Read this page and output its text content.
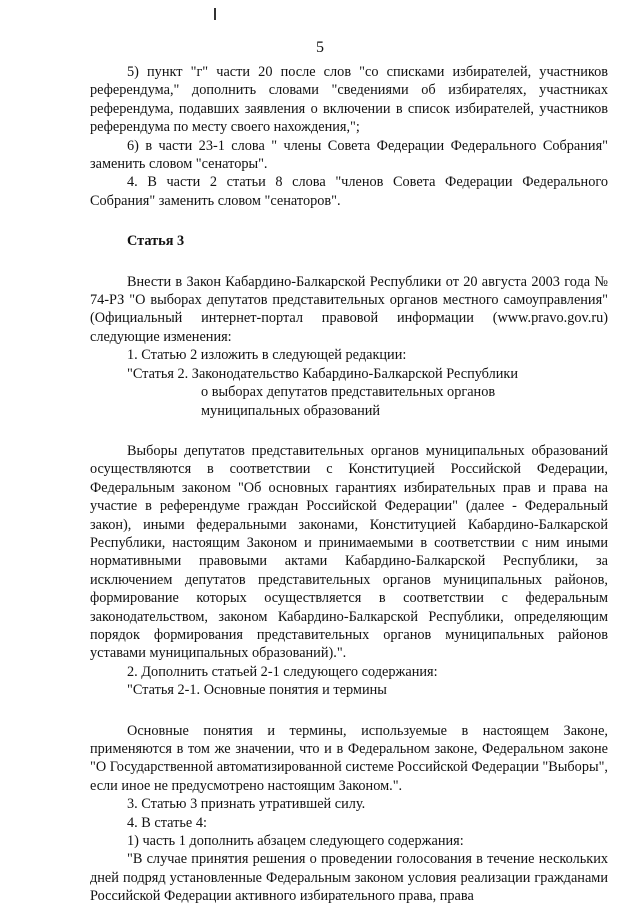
5

5) пункт "г" части 20 после слов "со списками избирателей, участников референдума," дополнить словами "сведениями об избирателях, участниках референдума, подавших заявления о включении в список избирателей, участников референдума по месту своего нахождения,";

6) в части 23-1 слова " члены Совета Федерации Федерального Собрания" заменить словом "сенаторы".

4. В части 2 статьи 8 слова "членов Совета Федерации Федерального Собрания" заменить словом "сенаторов".

Статья 3

Внести в Закон Кабардино-Балкарской Республики от 20 августа 2003 года № 74-РЗ "О выборах депутатов представительных органов местного самоуправления" (Официальный интернет-портал правовой информации (www.pravo.gov.ru) следующие изменения:

1. Статью 2 изложить в следующей редакции:

"Статья 2. Законодательство Кабардино-Балкарской Республики

о выборах депутатов представительных органов

муниципальных образований

Выборы депутатов представительных органов муниципальных образований осуществляются в соответствии с Конституцией Российской Федерации, Федеральным законом "Об основных гарантиях избирательных прав и права на участие в референдуме граждан Российской Федерации" (далее - Федеральный закон), иными федеральными законами, Конституцией Кабардино-Балкарской Республики, настоящим Законом и принимаемыми в соответствии с ним иными нормативными правовыми актами Кабардино-Балкарской Республики, за исключением депутатов представительных органов муниципальных районов, формирование которых осуществляется в соответствии с федеральным законодательством, законом Кабардино-Балкарской Республики, определяющим порядок формирования представительных органов муниципальных районов уставами муниципальных образований).".

2. Дополнить статьей 2-1 следующего содержания:

"Статья 2-1. Основные понятия и термины

Основные понятия и термины, используемые в настоящем Законе, применяются в том же значении, что и в Федеральном законе, Федеральном законе "О Государственной автоматизированной системе Российской Федерации "Выборы", если иное не предусмотрено настоящим Законом.".

3. Статью 3 признать утратившей силу.

4. В статье 4:

1) часть 1 дополнить абзацем следующего содержания:

"В случае принятия решения о проведении голосования в течение нескольких дней подряд установленные Федеральным законом условия реализации гражданами Российской Федерации активного избирательного права, права
